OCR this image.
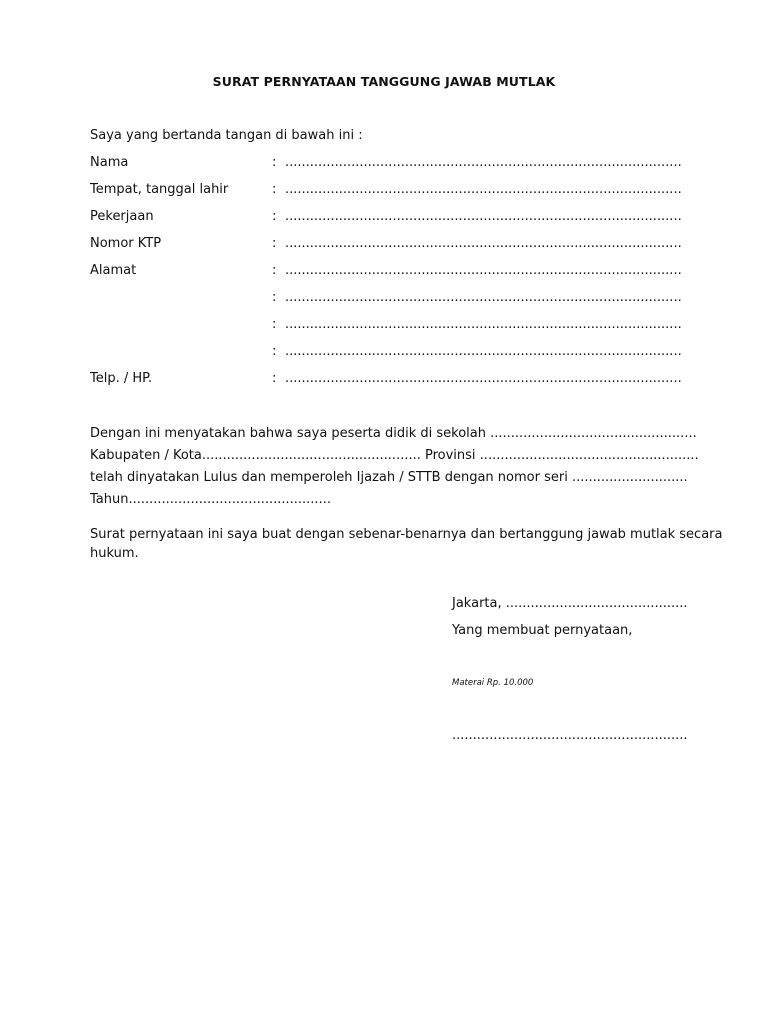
SURAT PERNYATAAN TANGGUNG JAWAB MUTLAK
Saya yang bertanda tangan di bawah ini :
Nama	: ................................................................................................
Tempat, tanggal lahir	: ................................................................................................
Pekerjaan	: ................................................................................................
Nomor KTP	: ................................................................................................
Alamat	: ................................................................................................
: ................................................................................................
: ................................................................................................
: ................................................................................................
Telp. / HP.	: ................................................................................................
Dengan ini menyatakan bahwa saya peserta didik di sekolah ..................................................
Kabupaten / Kota..................................................... Provinsi .....................................................
telah dinyatakan Lulus dan memperoleh Ijazah / STTB dengan nomor seri ............................
Tahun.................................................
Surat pernyataan ini saya buat dengan sebenar-benarnya dan bertanggung jawab mutlak secara hukum.
Jakarta, ............................................
Yang membuat pernyataan,
Materai Rp. 10.000
.........................................................
